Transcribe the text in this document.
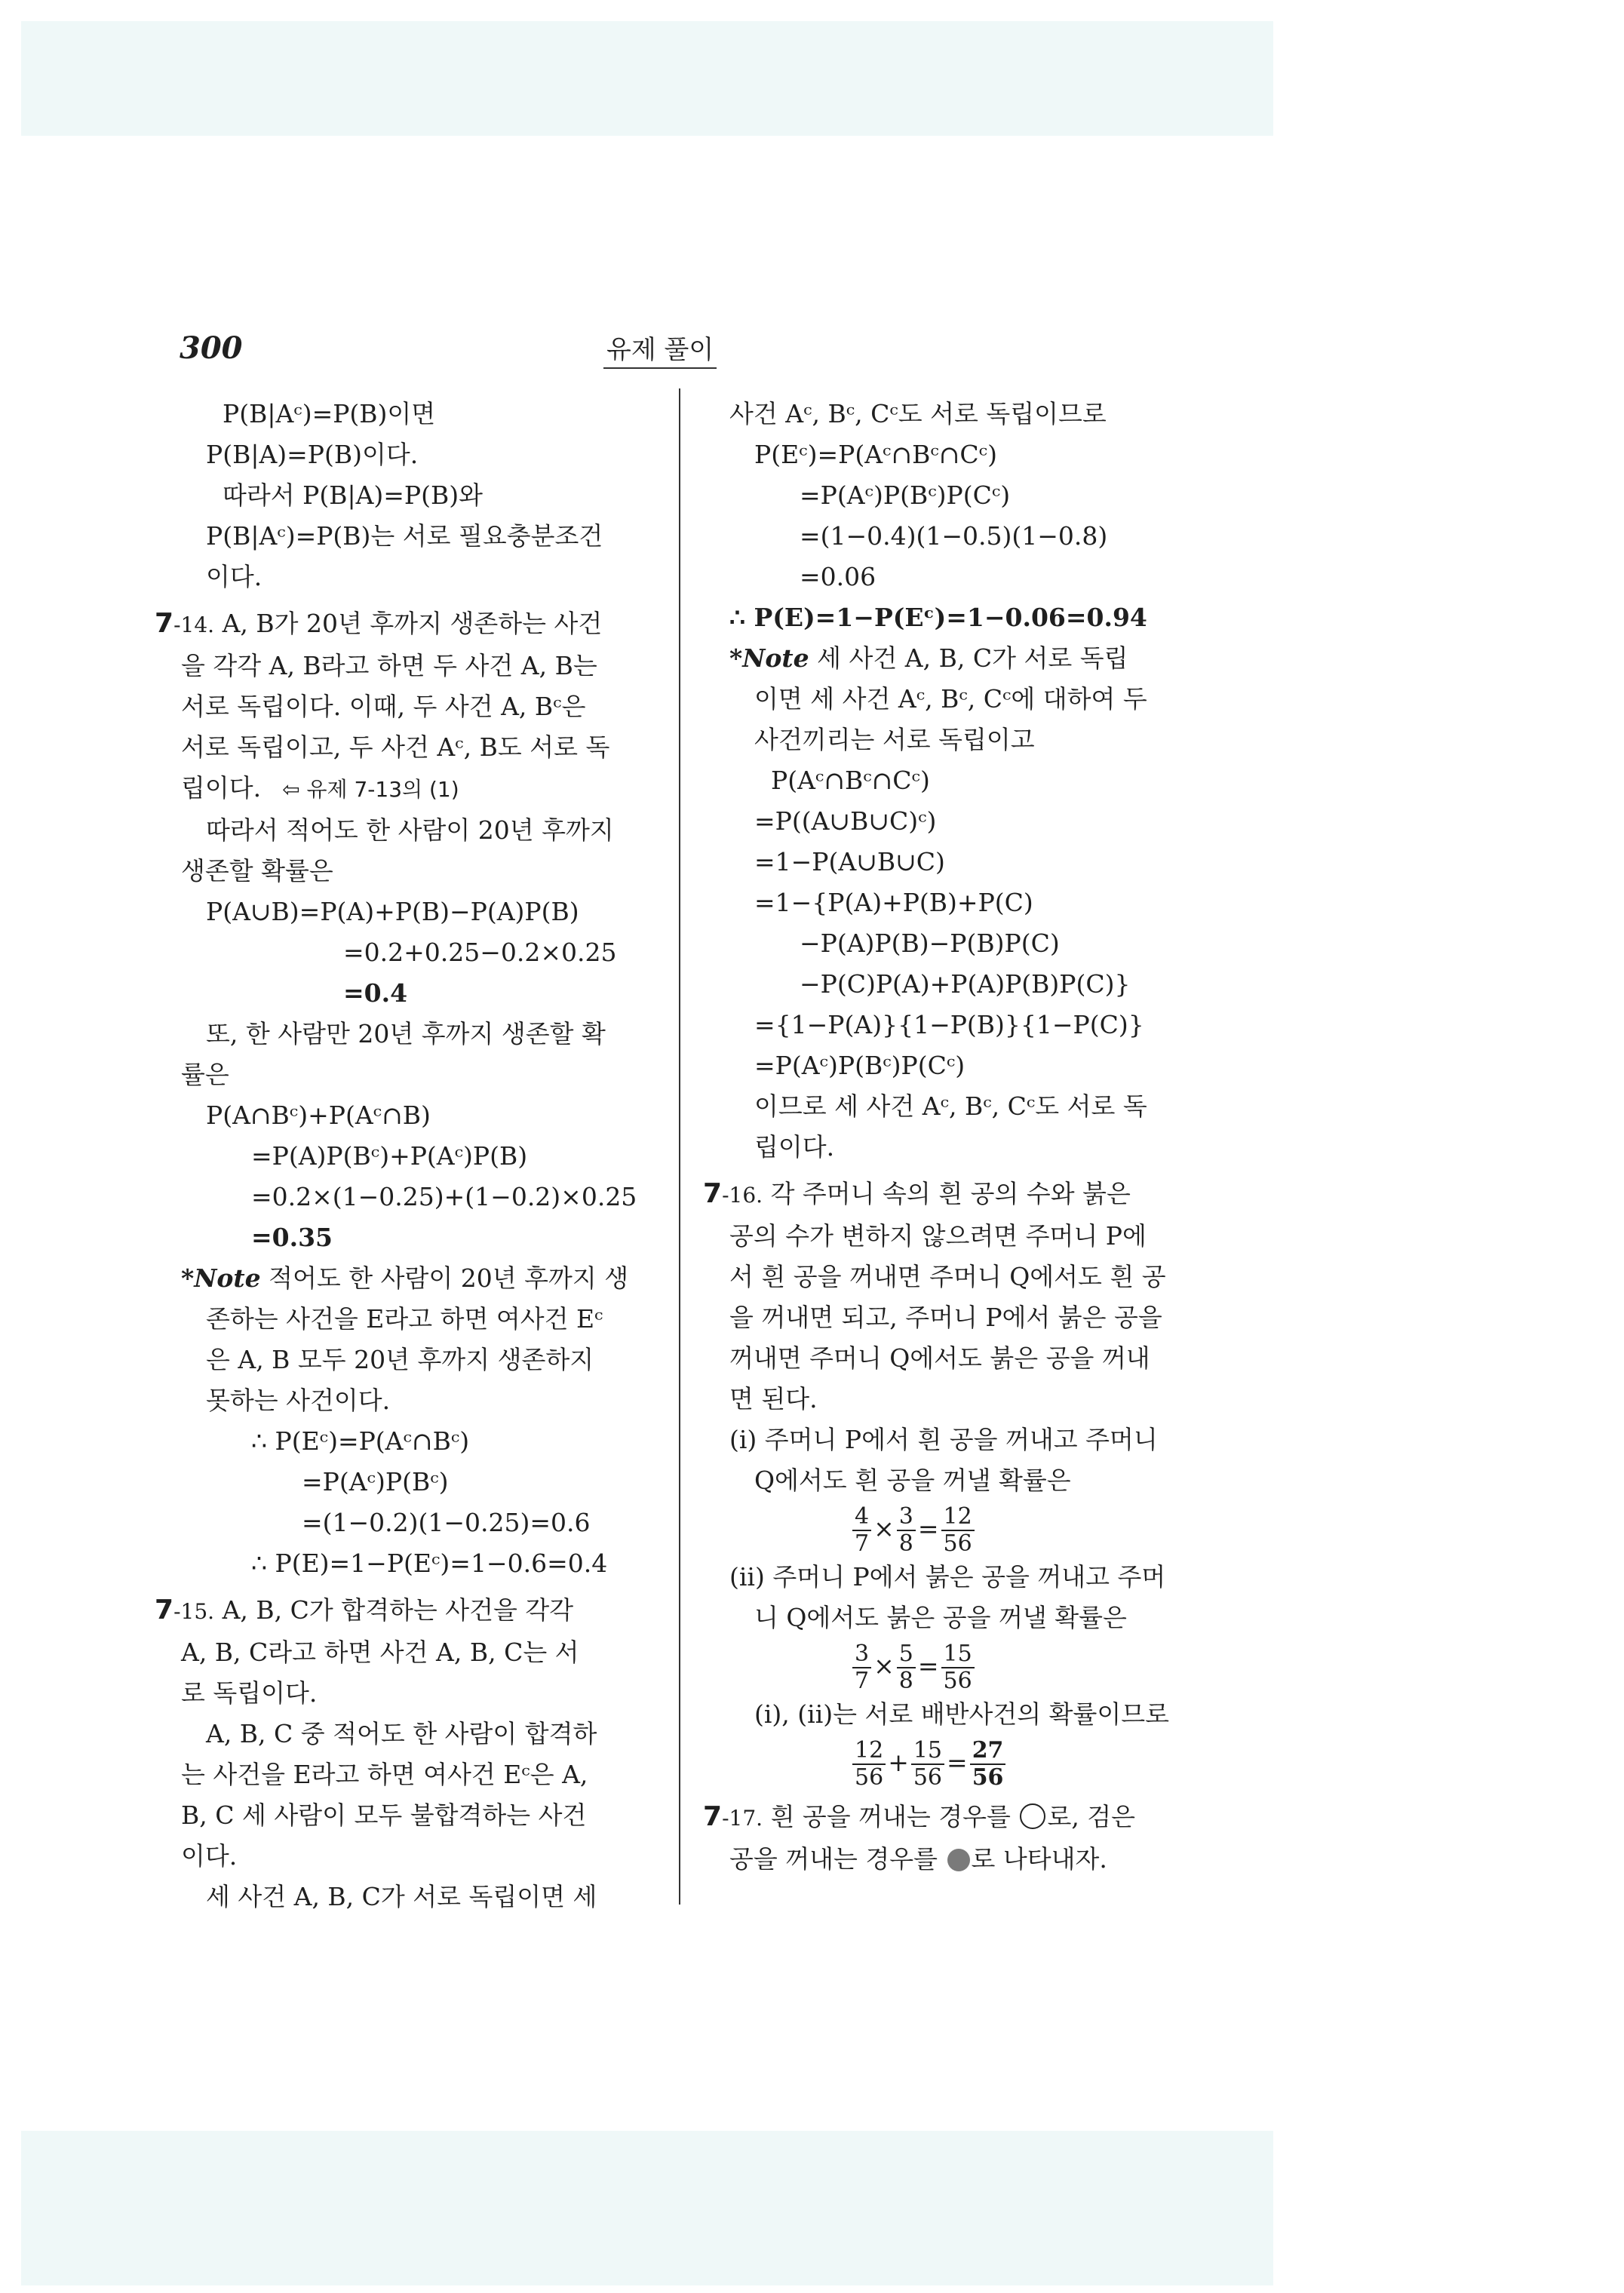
300	유제 풀이
P(B|Aᶜ)=P(B)이면
P(B|A)=P(B)이다.
따라서 P(B|A)=P(B)와
P(B|Aᶜ)=P(B)는 서로 필요충분조건
이다.
7-14. A, B가 20년 후까지 생존하는 사건
을 각각 A, B라고 하면 두 사건 A, B는
서로 독립이다. 이때, 두 사건 A, Bᶜ은
서로 독립이고, 두 사건 Aᶜ, B도 서로 독
립이다. ⇦ 유제 7-13의 (1)
따라서 적어도 한 사람이 20년 후까지
생존할 확률은
P(A∪B)=P(A)+P(B)−P(A)P(B)
=0.2+0.25−0.2×0.25
=0.4
또, 한 사람만 20년 후까지 생존할 확
률은
P(A∩Bᶜ)+P(Aᶜ∩B)
=P(A)P(Bᶜ)+P(Aᶜ)P(B)
=0.2×(1−0.25)+(1−0.2)×0.25
=0.35
*Note 적어도 한 사람이 20년 후까지 생
존하는 사건을 E라고 하면 여사건 Eᶜ
은 A, B 모두 20년 후까지 생존하지
못하는 사건이다.
∴ P(Eᶜ)=P(Aᶜ∩Bᶜ)
=P(Aᶜ)P(Bᶜ)
=(1−0.2)(1−0.25)=0.6
∴ P(E)=1−P(Eᶜ)=1−0.6=0.4
7-15. A, B, C가 합격하는 사건을 각각
A, B, C라고 하면 사건 A, B, C는 서
로 독립이다.
A, B, C 중 적어도 한 사람이 합격하
는 사건을 E라고 하면 여사건 Eᶜ은 A,
B, C 세 사람이 모두 불합격하는 사건
이다.
세 사건 A, B, C가 서로 독립이면 세
사건 Aᶜ, Bᶜ, Cᶜ도 서로 독립이므로
P(Eᶜ)=P(Aᶜ∩Bᶜ∩Cᶜ)
=P(Aᶜ)P(Bᶜ)P(Cᶜ)
=(1−0.4)(1−0.5)(1−0.8)
=0.06
∴ P(E)=1−P(Eᶜ)=1−0.06=0.94
*Note 세 사건 A, B, C가 서로 독립
이면 세 사건 Aᶜ, Bᶜ, Cᶜ에 대하여 두
사건끼리는 서로 독립이고
P(Aᶜ∩Bᶜ∩Cᶜ)
=P((A∪B∪C)ᶜ)
=1−P(A∪B∪C)
=1−{P(A)+P(B)+P(C)
−P(A)P(B)−P(B)P(C)
−P(C)P(A)+P(A)P(B)P(C)}
={1−P(A)}{1−P(B)}{1−P(C)}
=P(Aᶜ)P(Bᶜ)P(Cᶜ)
이므로 세 사건 Aᶜ, Bᶜ, Cᶜ도 서로 독
립이다.
7-16. 각 주머니 속의 흰 공의 수와 붉은
공의 수가 변하지 않으려면 주머니 P에
서 흰 공을 꺼내면 주머니 Q에서도 흰 공
을 꺼내면 되고, 주머니 P에서 붉은 공을
꺼내면 주머니 Q에서도 붉은 공을 꺼내
면 된다.
(i) 주머니 P에서 흰 공을 꺼내고 주머니
Q에서도 흰 공을 꺼낼 확률은
$\frac{4}{7} \times \frac{3}{8} = \frac{12}{56}$
(ii) 주머니 P에서 붉은 공을 꺼내고 주머
니 Q에서도 붉은 공을 꺼낼 확률은
$\frac{3}{7} \times \frac{5}{8} = \frac{15}{56}$
(i), (ii)는 서로 배반사건의 확률이므로
$\frac{12}{56} + \frac{15}{56} = \frac{27}{56}$
7-17. 흰 공을 꺼내는 경우를 로, 검은
공을 꺼내는 경우를 로 나타내자.
